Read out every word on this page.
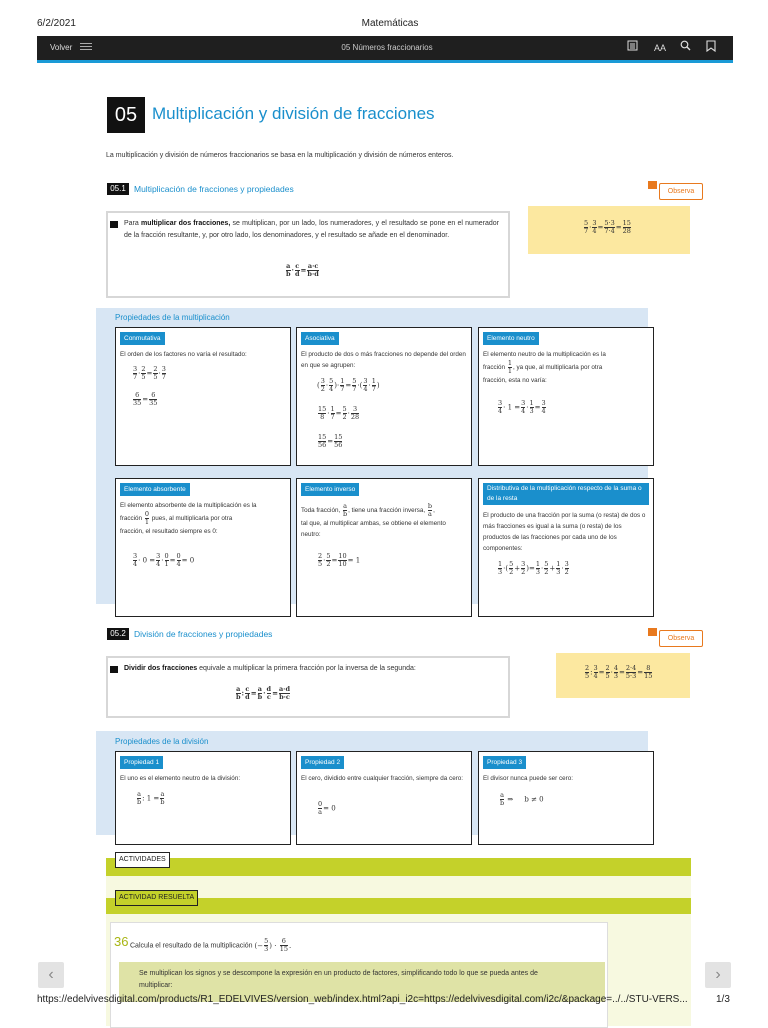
6/2/2021	Matemáticas
Volver	05 Números fraccionarios	AA
05 Multiplicación y división de fracciones
La multiplicación y división de números fraccionarios se basa en la multiplicación y división de números enteros.
05.1 Multiplicación de fracciones y propiedades	Observa
$\frac{5}{7} \cdot \frac{3}{4} = \frac{5\cdot 3}{7\cdot 4} = \frac{15}{28}$
Para multiplicar dos fracciones, se multiplican, por un lado, los numeradores, y el resultado se pone en el numerador de la fracción resultante, y, por otro lado, los denominadores, y el resultado se añade en el denominador.
$\frac{a}{b} \cdot \frac{c}{d} = \frac{a\cdot c}{b\cdot d}$
Propiedades de la multiplicación
Conmutativa
El orden de los factores no varía el resultado:
$\frac{3}{7} \cdot \frac{2}{5} = \frac{2}{5} \cdot \frac{3}{7}$

$\frac{6}{35} = \frac{6}{35}$
Asociativa
El producto de dos o más fracciones no depende del orden en que se agrupen:
( $\frac{3}{2} \cdot \frac{5}{4}$ )· $\frac{1}{7} = \frac{5}{7}$ ·( $\frac{3}{4} \cdot \frac{1}{7}$ )

$\frac{15}{8} \cdot \frac{1}{7} = \frac{5}{2} \cdot \frac{3}{28}$

$\frac{15}{56} = \frac{15}{56}$
Elemento neutro
El elemento neutro de la multiplicación es la
fracción $\frac{1}{1}$ , ya que, al multiplicarla por otra
fracción, esta no varía:
$\frac{3}{4} \cdot 1 = \frac{3}{4} \cdot \frac{1}{3} = \frac{3}{4}$
Elemento absorbente
El elemento absorbente de la multiplicación es la
fracción $\frac{0}{1}$ pues, al multiplicarla por otra
fracción, el resultado siempre es 0:
$\frac{3}{4} \cdot 0 = \frac{3}{4} \cdot \frac{0}{1} = \frac{0}{4} = 0$
Elemento inverso
Toda fracción, $\frac{a}{b}$ , tiene una fracción inversa, $\frac{b}{a}$ ,
tal que, al multiplicar ambas, se obtiene el elemento neutro:
$\frac{2}{5} \cdot \frac{5}{2} = \frac{10}{10} = 1$
Distributiva de la multiplicación respecto de la suma o de la resta
El producto de una fracción por la suma (o resta) de dos o más fracciones es igual a la suma (o resta) de los productos de las fracciones por cada uno de los componentes:
$\frac{1}{3}$ ·( $\frac{5}{2} + \frac{3}{2}$ )= $\frac{1}{3} \cdot \frac{5}{2} + \frac{1}{3} \cdot \frac{3}{2}$
05.2 División de fracciones y propiedades	Observa
$\frac{2}{5}$ : $\frac{3}{4} = \frac{2}{5} \cdot \frac{4}{3} = \frac{2\cdot 4}{5\cdot 3} = \frac{8}{15}$
Dividir dos fracciones equivale a multiplicar la primera fracción por la inversa de la segunda:
$\frac{a}{b}$ : $\frac{c}{d} = \frac{a}{b} \cdot \frac{d}{c} = \frac{a\cdot d}{b\cdot c}$
Propiedades de la división
Propiedad 1
El uno es el elemento neutro de la división:
$\frac{a}{b}$ : $1 = \frac{a}{b}$
Propiedad 2
El cero, dividido entre cualquier fracción, siempre da cero:
$\frac{0}{a} = 0$
Propiedad 3
El divisor nunca puede ser cero:
$\frac{a}{b}$ ⇒     b ≠ 0
ACTIVIDADES
ACTIVIDAD RESUELTA
36 Calcula el resultado de la multiplicación (− $\frac{5}{3}$ ) · $\frac{6}{15}$ .
Se multiplican los signos y se descompone la expresión en un producto de factores, simplificando todo lo que se pueda antes de multiplicar:
‹	›
https://edelvivesdigital.com/products/R1_EDELVIVES/version_web/index.html?api_i2c=https://edelvivesdigital.com/i2c/&package=../../STU-VERS...	1/3
